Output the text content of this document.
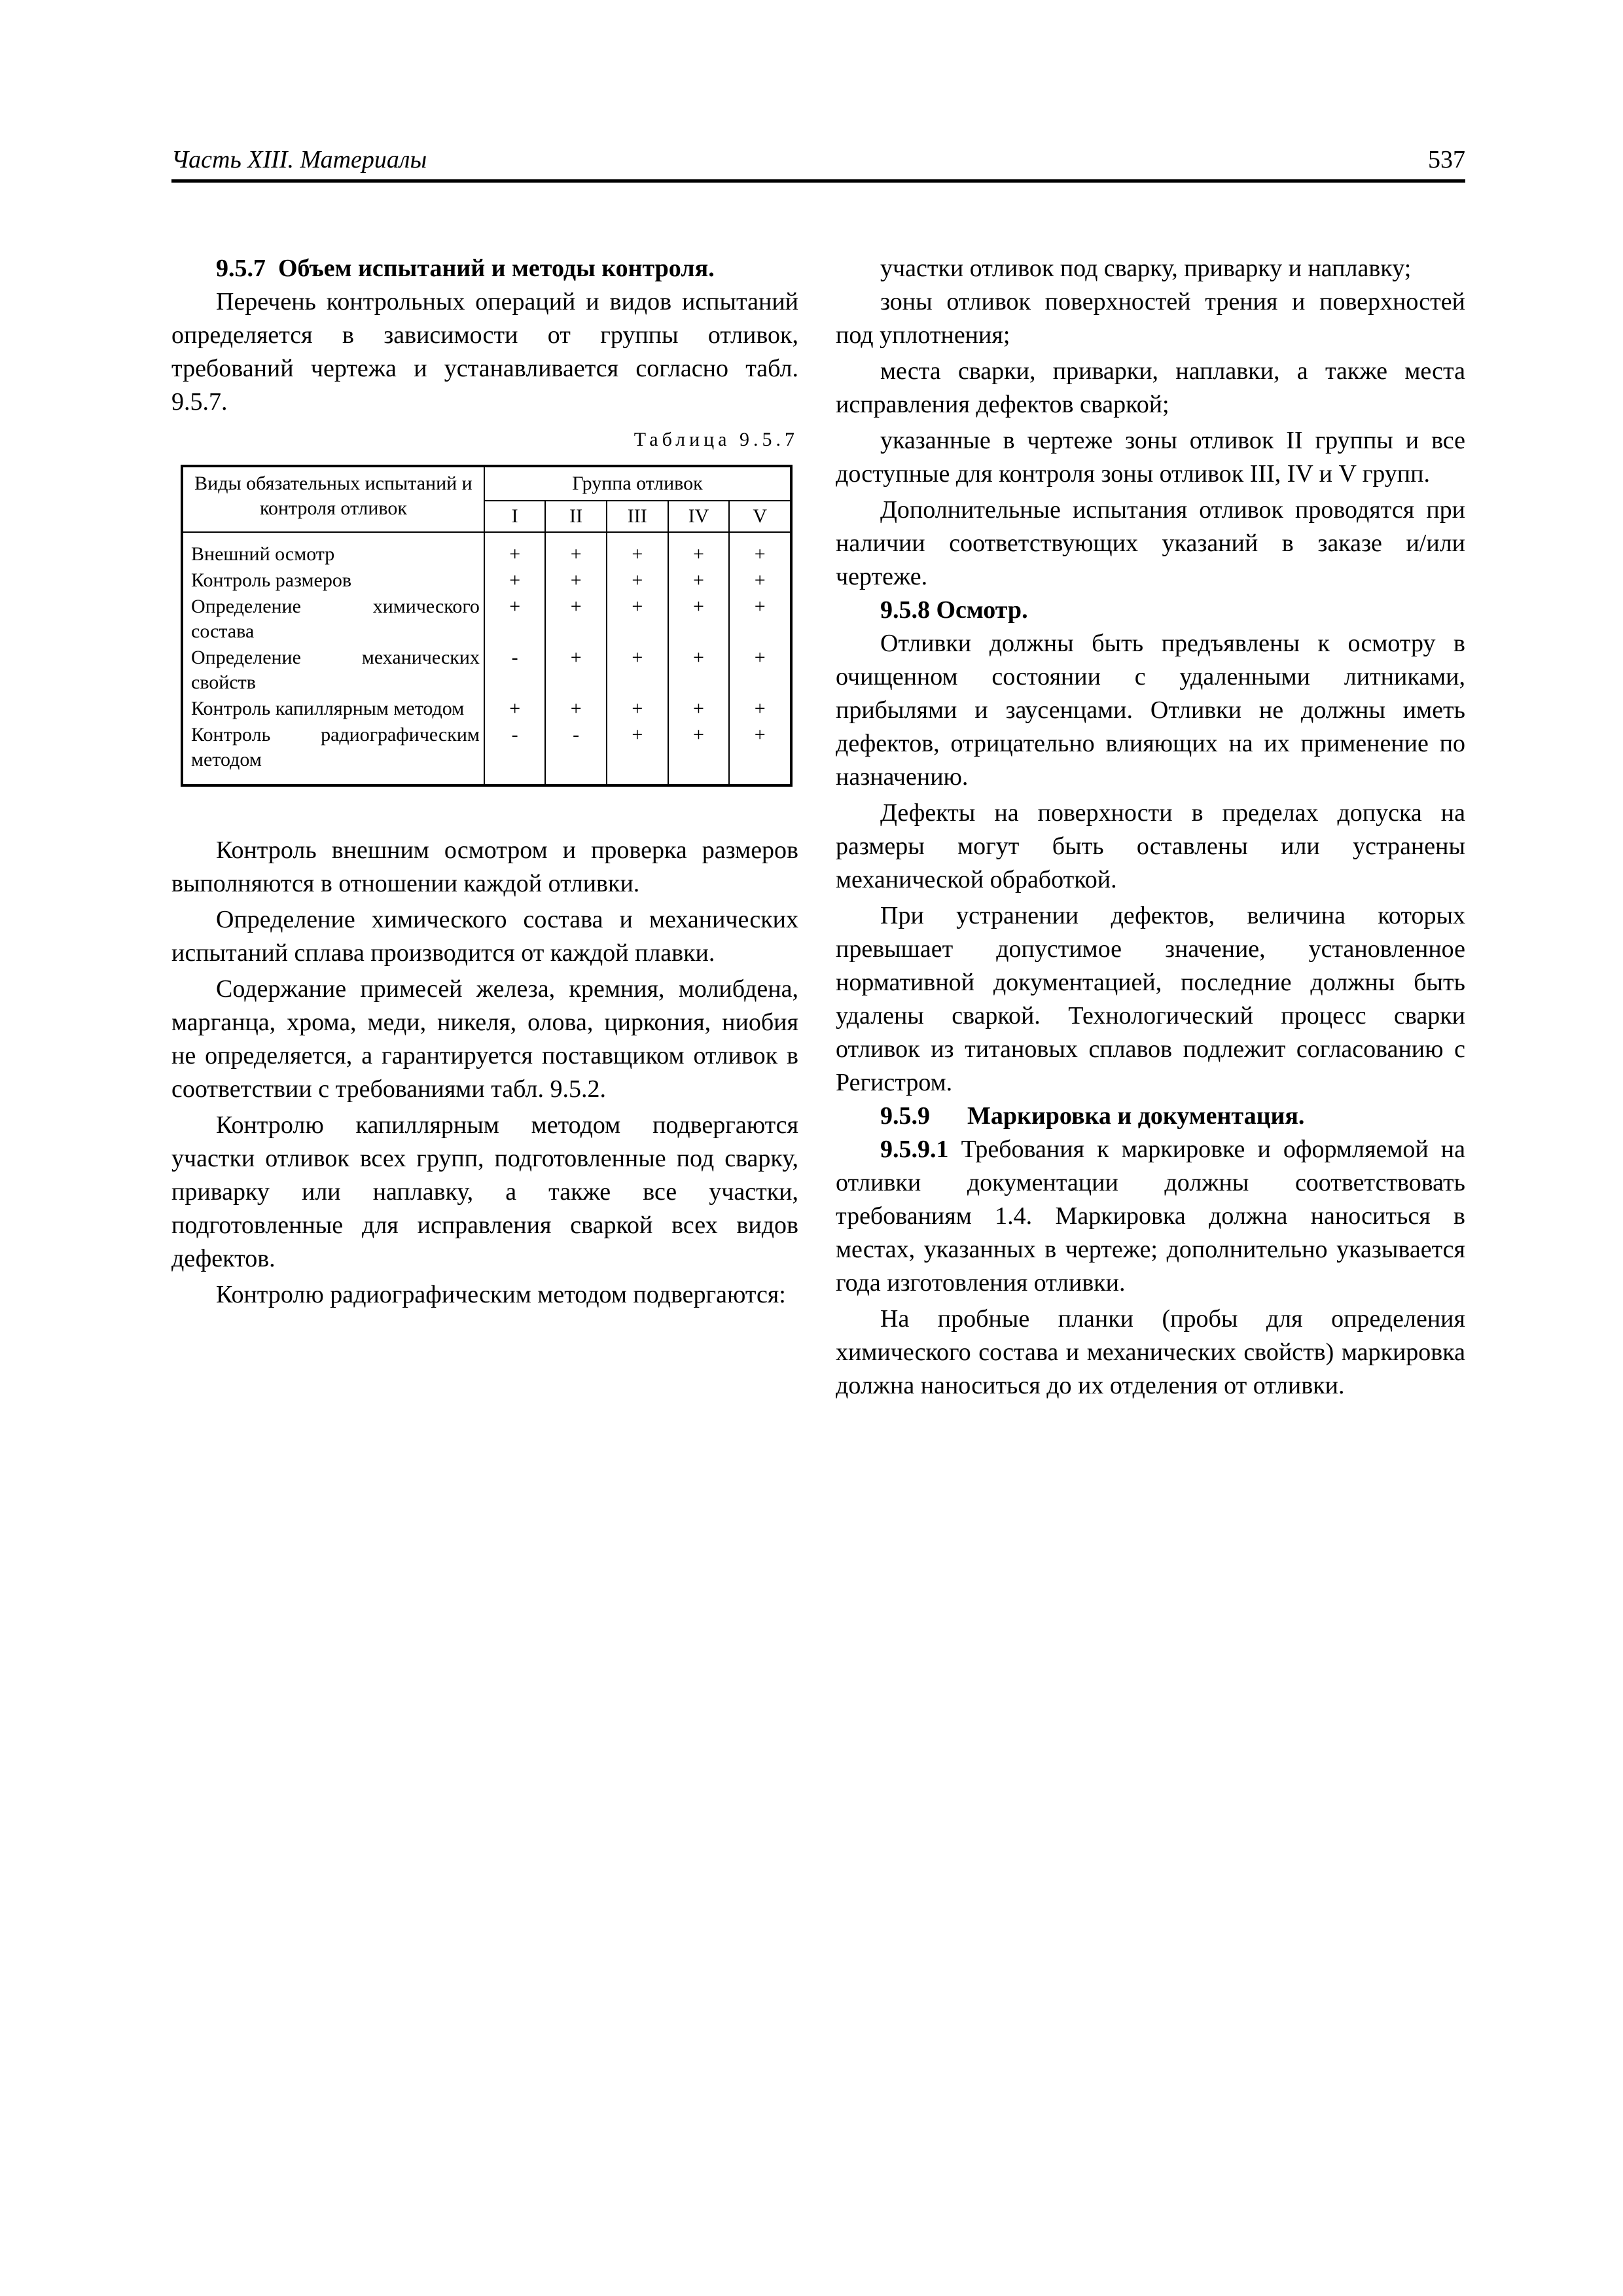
Часть XIII. Материалы	537

9.5.7 Объем испытаний и методы контроля.

Перечень контрольных операций и видов испытаний определяется в зависимости от группы отливок, требований чертежа и устанавливается согласно табл. 9.5.7.

Таблица 9.5.7
Виды обязательных испытаний и контроля отливок	Группа отливок				
	I	II	III	IV	V
Внешний осмотр	+	+	+	+	+
Контроль размеров	+	+	+	+	+
Определение химического состава	+	+	+	+	+
Определение механических свойств	-	+	+	+	+
Контроль капиллярным методом	+	+	+	+	+
Контроль радиографическим методом	-	-	+	+	+

Контроль внешним осмотром и проверка размеров выполняются в отношении каждой отливки.

Определение химического состава и механических испытаний сплава производится от каждой плавки.

Содержание примесей железа, кремния, молибдена, марганца, хрома, меди, никеля, олова, циркония, ниобия не определяется, а гарантируется поставщиком отливок в соответствии с требованиями табл. 9.5.2.

Контролю капиллярным методом подвергаются участки отливок всех групп, подготовленные под сварку, приварку или наплавку, а также все участки, подготовленные для исправления сваркой всех видов дефектов.

Контролю радиографическим методом подвергаются:

участки отливок под сварку, приварку и наплавку;

зоны отливок поверхностей трения и поверхностей под уплотнения;

места сварки, приварки, наплавки, а также места исправления дефектов сваркой;

указанные в чертеже зоны отливок II группы и все доступные для контроля зоны отливок III, IV и V групп.

Дополнительные испытания отливок проводятся при наличии соответствующих указаний в заказе и/или чертеже.

9.5.8 Осмотр.

Отливки должны быть предъявлены к осмотру в очищенном состоянии с удаленными литниками, прибылями и заусенцами. Отливки не должны иметь дефектов, отрицательно влияющих на их применение по назначению.

Дефекты на поверхности в пределах допуска на размеры могут быть оставлены или устранены механической обработкой.

При устранении дефектов, величина которых превышает допустимое значение, установленное нормативной документацией, последние должны быть удалены сваркой. Технологический процесс сварки отливок из титановых сплавов подлежит согласованию с Регистром.

9.5.9 Маркировка и документация.

9.5.9.1 Требования к маркировке и оформляемой на отливки документации должны соответствовать требованиям 1.4. Маркировка должна наноситься в местах, указанных в чертеже; дополнительно указывается года изготовления отливки.

На пробные планки (пробы для определения химического состава и механических свойств) маркировка должна наноситься до их отделения от отливки.
